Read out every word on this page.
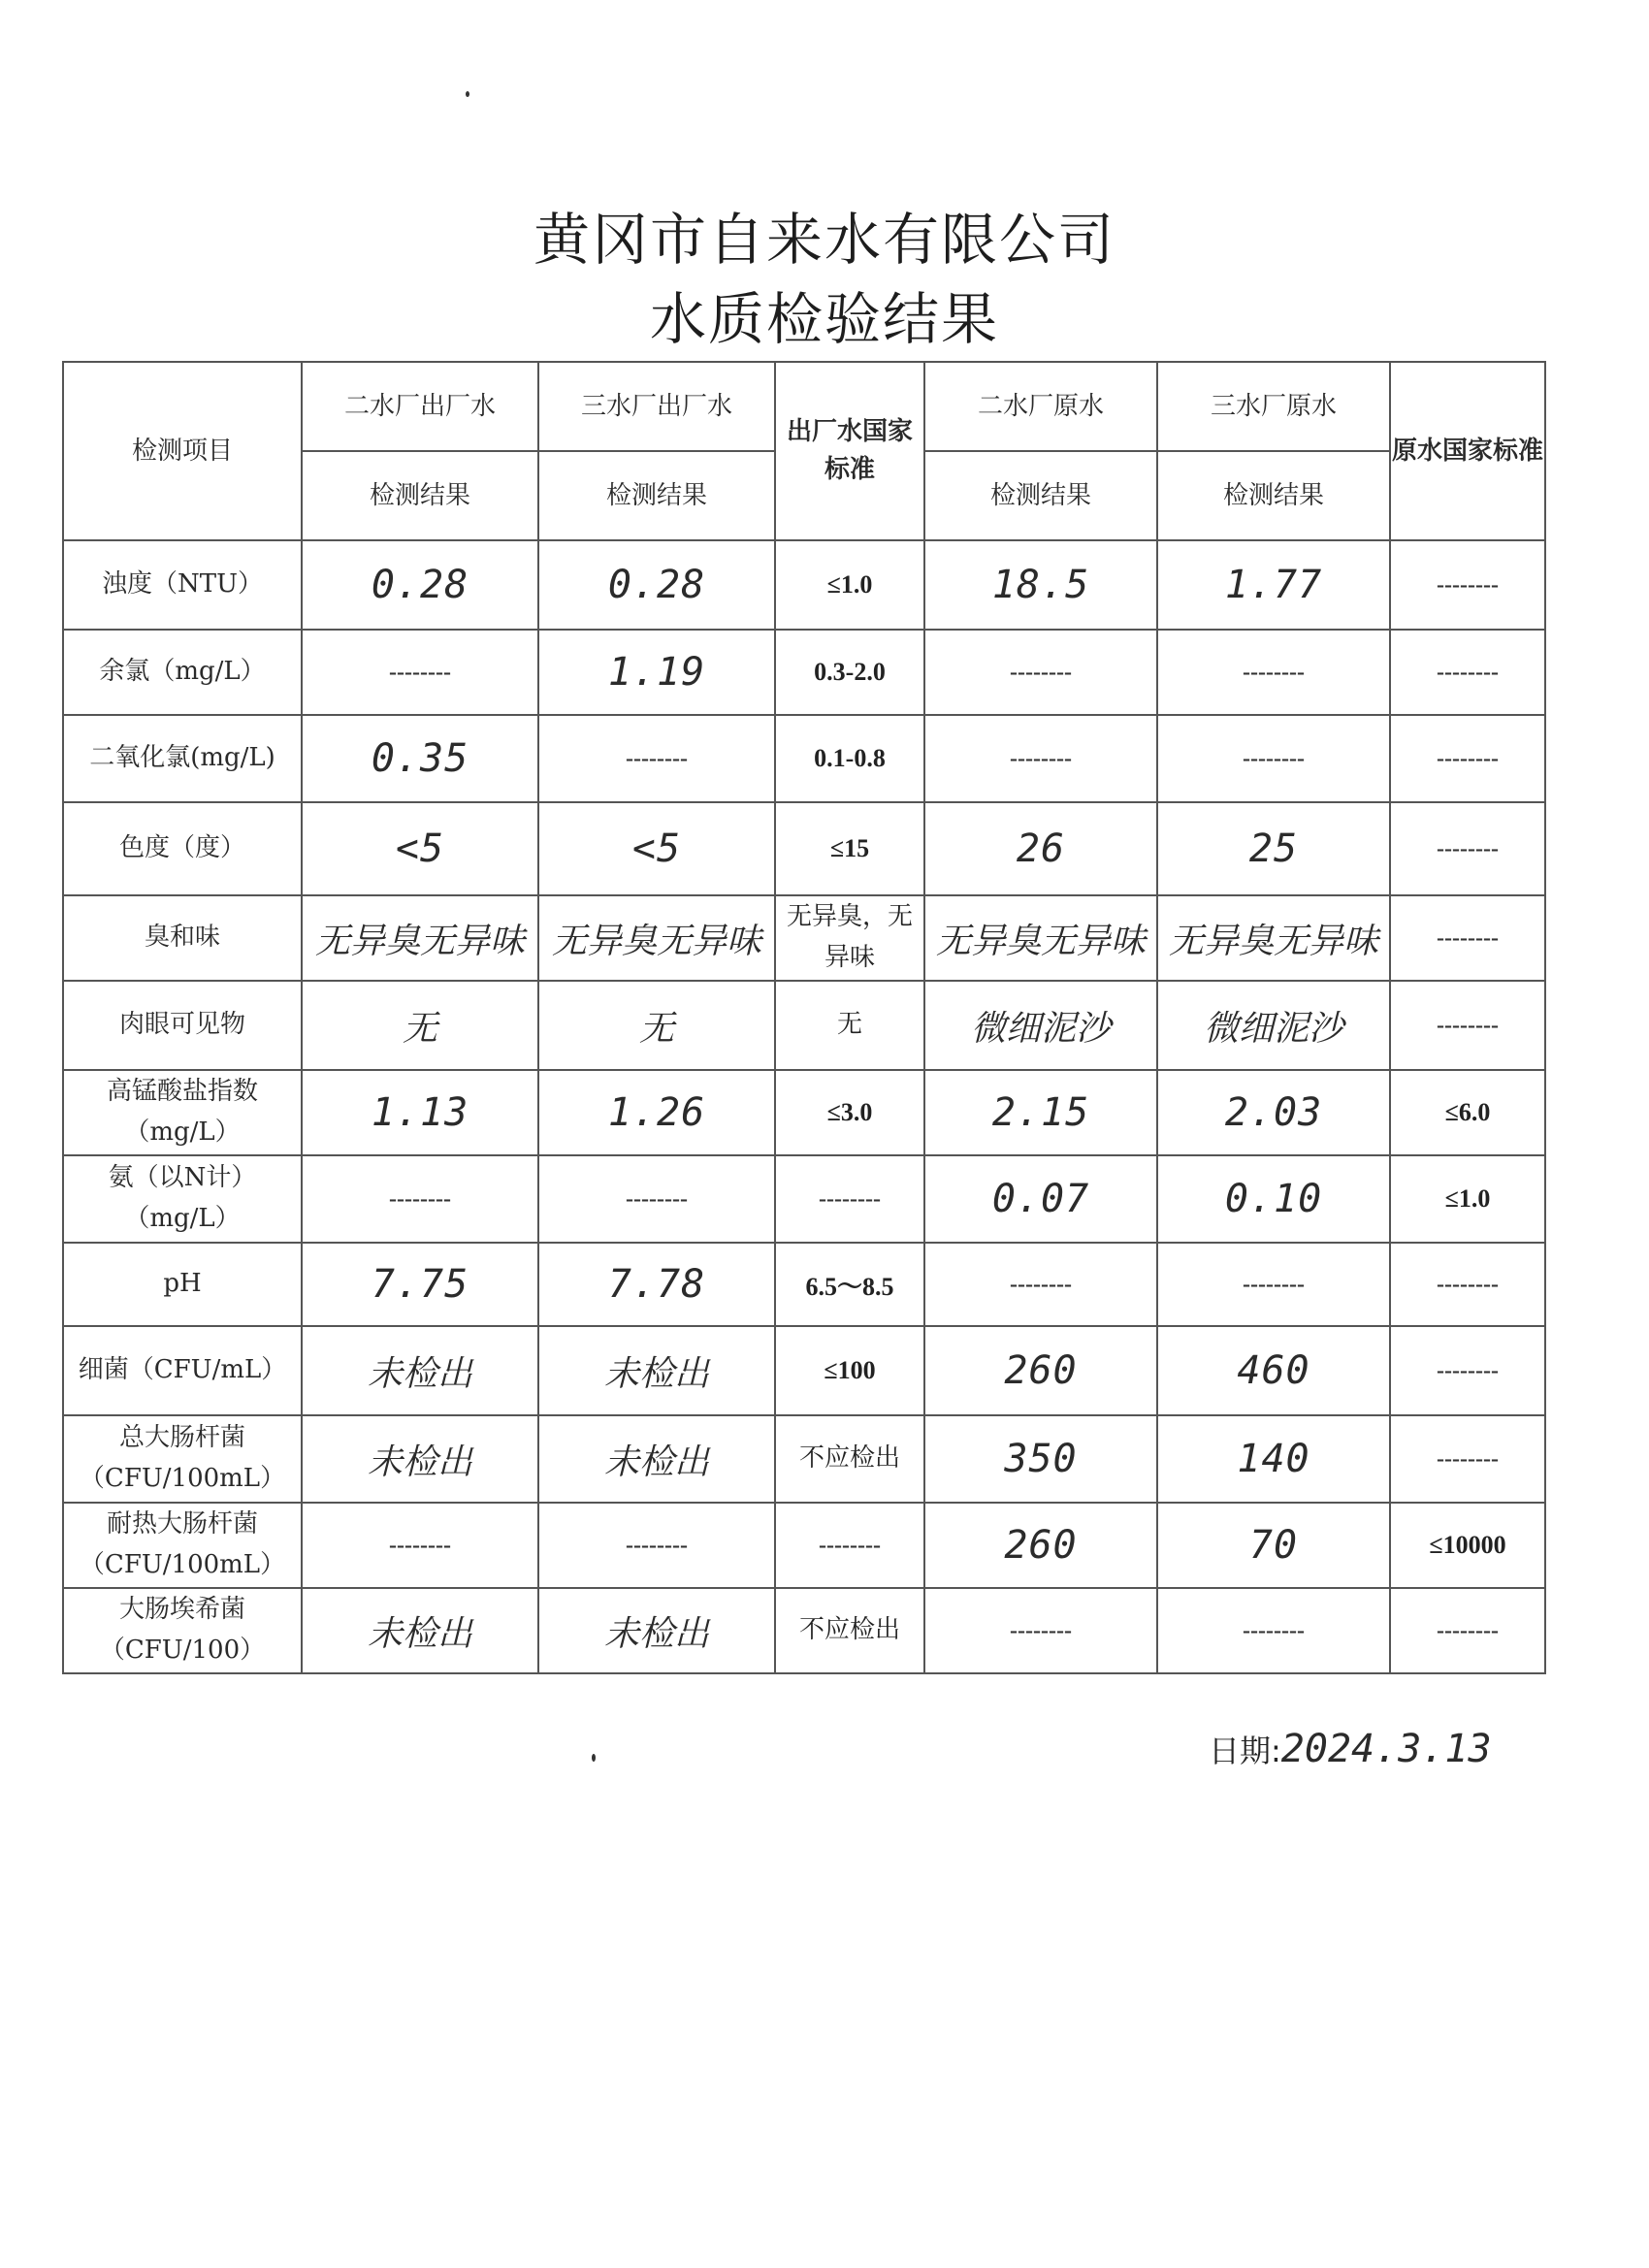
黄冈市自来水有限公司
水质检验结果
检测项目	二水厂出厂水	三水厂出厂水	出厂水国家标准	二水厂原水	三水厂原水	原水国家标准
	检测结果	检测结果		检测结果	检测结果	
浊度（NTU）	0.28	0.28	≤1.0	18.5	1.77	--------
余氯（mg/L）	--------	1.19	0.3-2.0	--------	--------	--------
二氧化氯(mg/L)	0.35	--------	0.1-0.8	--------	--------	--------
色度（度）	<5	<5	≤15	26	25	--------
臭和味	无异臭无异味	无异臭无异味	无异臭，无异味	无异臭无异味	无异臭无异味	--------
肉眼可见物	无	无	无	微细泥沙	微细泥沙	--------
高锰酸盐指数（mg/L）	1.13	1.26	≤3.0	2.15	2.03	≤6.0
氨（以N计）（mg/L）	--------	--------	--------	0.07	0.10	≤1.0
pH	7.75	7.78	6.5～8.5	--------	--------	--------
细菌（CFU/mL）	未检出	未检出	≤100	260	460	--------
总大肠杆菌（CFU/100mL）	未检出	未检出	不应检出	350	140	--------
耐热大肠杆菌（CFU/100mL）	--------	--------	--------	260	70	≤10000
大肠埃希菌（CFU/100）	未检出	未检出	不应检出	--------	--------	--------
日期:2024.3.13
